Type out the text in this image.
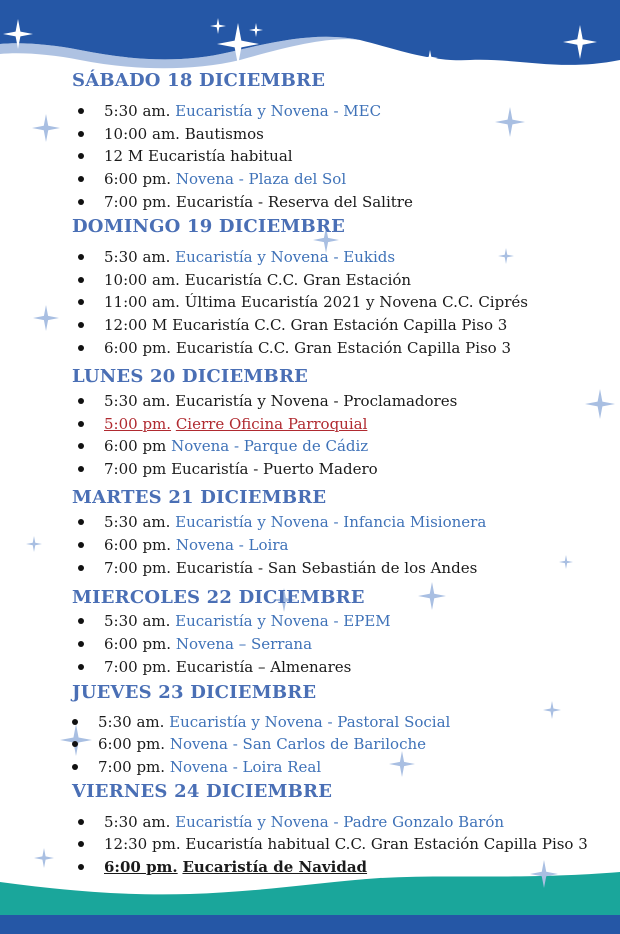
SÁBADO 18 DICIEMBRE
5:30 am. Eucaristía y Novena - MEC
10:00 am. Bautismos
12 M Eucaristía habitual
6:00 pm. Novena - Plaza del Sol
7:00 pm. Eucaristía - Reserva del Salitre
DOMINGO 19 DICIEMBRE
5:30 am. Eucaristía y Novena - Eukids
10:00 am. Eucaristía C.C. Gran Estación
11:00 am. Última Eucaristía 2021 y Novena C.C. Ciprés
12:00 M Eucaristía C.C. Gran Estación Capilla Piso 3
6:00 pm. Eucaristía C.C. Gran Estación Capilla Piso 3
LUNES 20 DICIEMBRE
5:30 am. Eucaristía y Novena - Proclamadores
5:00 pm. Cierre Oficina Parroquial
6:00 pm Novena - Parque de Cádiz
7:00 pm Eucaristía - Puerto Madero
MARTES 21 DICIEMBRE
5:30 am. Eucaristía y Novena - Infancia Misionera
6:00 pm. Novena - Loira
7:00 pm. Eucaristía - San Sebastián de los Andes
MIERCOLES 22 DICIEMBRE
5:30 am. Eucaristía y Novena - EPEM
6:00 pm. Novena – Serrana
7:00 pm. Eucaristía – Almenares
JUEVES 23 DICIEMBRE
5:30 am. Eucaristía y Novena - Pastoral Social
6:00 pm. Novena - San Carlos de Bariloche
7:00 pm. Novena - Loira Real
VIERNES 24 DICIEMBRE
5:30 am. Eucaristía y Novena - Padre Gonzalo Barón
12:30 pm. Eucaristía habitual C.C. Gran Estación Capilla Piso 3
6:00 pm. Eucaristía de Navidad
